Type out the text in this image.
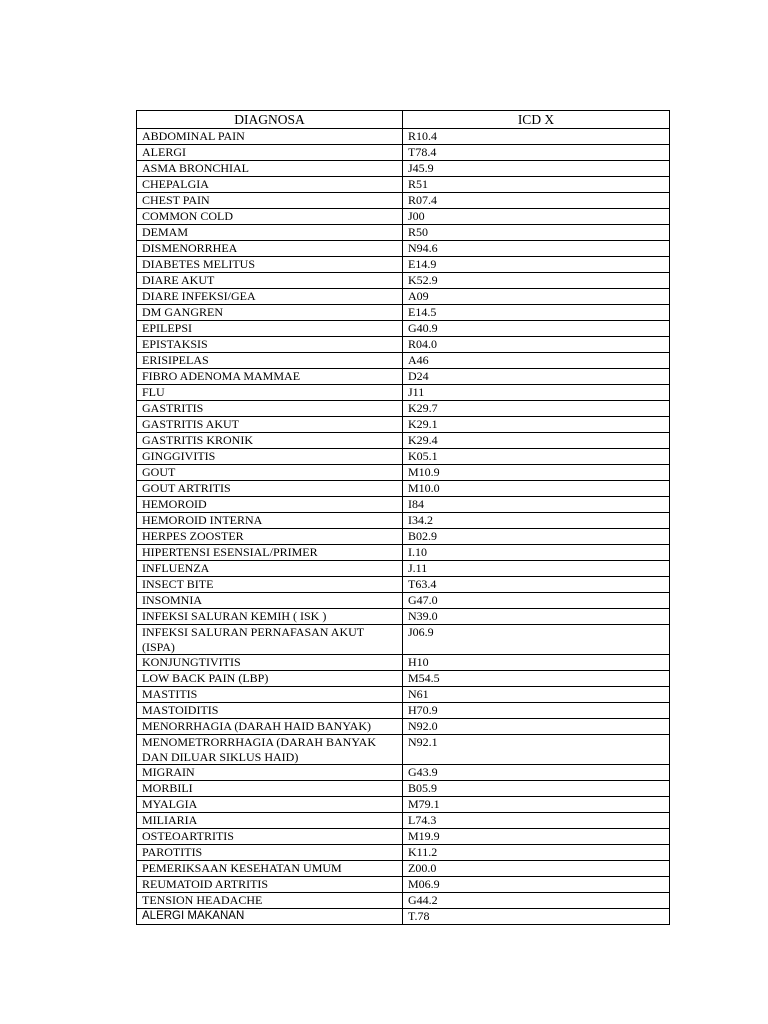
DIAGNOSA	ICD X
ABDOMINAL PAIN	R10.4
ALERGI	T78.4
ASMA BRONCHIAL	J45.9
CHEPALGIA	R51
CHEST PAIN	R07.4
COMMON COLD	J00
DEMAM	R50
DISMENORRHEA	N94.6
DIABETES MELITUS	E14.9
DIARE AKUT	K52.9
DIARE INFEKSI/GEA	A09
DM GANGREN	E14.5
EPILEPSI	G40.9
EPISTAKSIS	R04.0
ERISIPELAS	A46
FIBRO ADENOMA MAMMAE	D24
FLU	J11
GASTRITIS	K29.7
GASTRITIS AKUT	K29.1
GASTRITIS KRONIK	K29.4
GINGGIVITIS	K05.1
GOUT	M10.9
GOUT ARTRITIS	M10.0
HEMOROID	I84
HEMOROID INTERNA	I34.2
HERPES ZOOSTER	B02.9
HIPERTENSI ESENSIAL/PRIMER	I.10
INFLUENZA	J.11
INSECT BITE	T63.4
INSOMNIA	G47.0
INFEKSI SALURAN KEMIH ( ISK )	N39.0
INFEKSI SALURAN PERNAFASAN AKUT (ISPA)	J06.9
KONJUNGTIVITIS	H10
LOW BACK PAIN (LBP)	M54.5
MASTITIS	N61
MASTOIDITIS	H70.9
MENORRHAGIA (DARAH HAID BANYAK)	N92.0
MENOMETRORRHAGIA (DARAH BANYAK DAN DILUAR SIKLUS HAID)	N92.1
MIGRAIN	G43.9
MORBILI	B05.9
MYALGIA	M79.1
MILIARIA	L74.3
OSTEOARTRITIS	M19.9
PAROTITIS	K11.2
PEMERIKSAAN KESEHATAN UMUM	Z00.0
REUMATOID ARTRITIS	M06.9
TENSION HEADACHE	G44.2
ALERGI MAKANAN	T.78
